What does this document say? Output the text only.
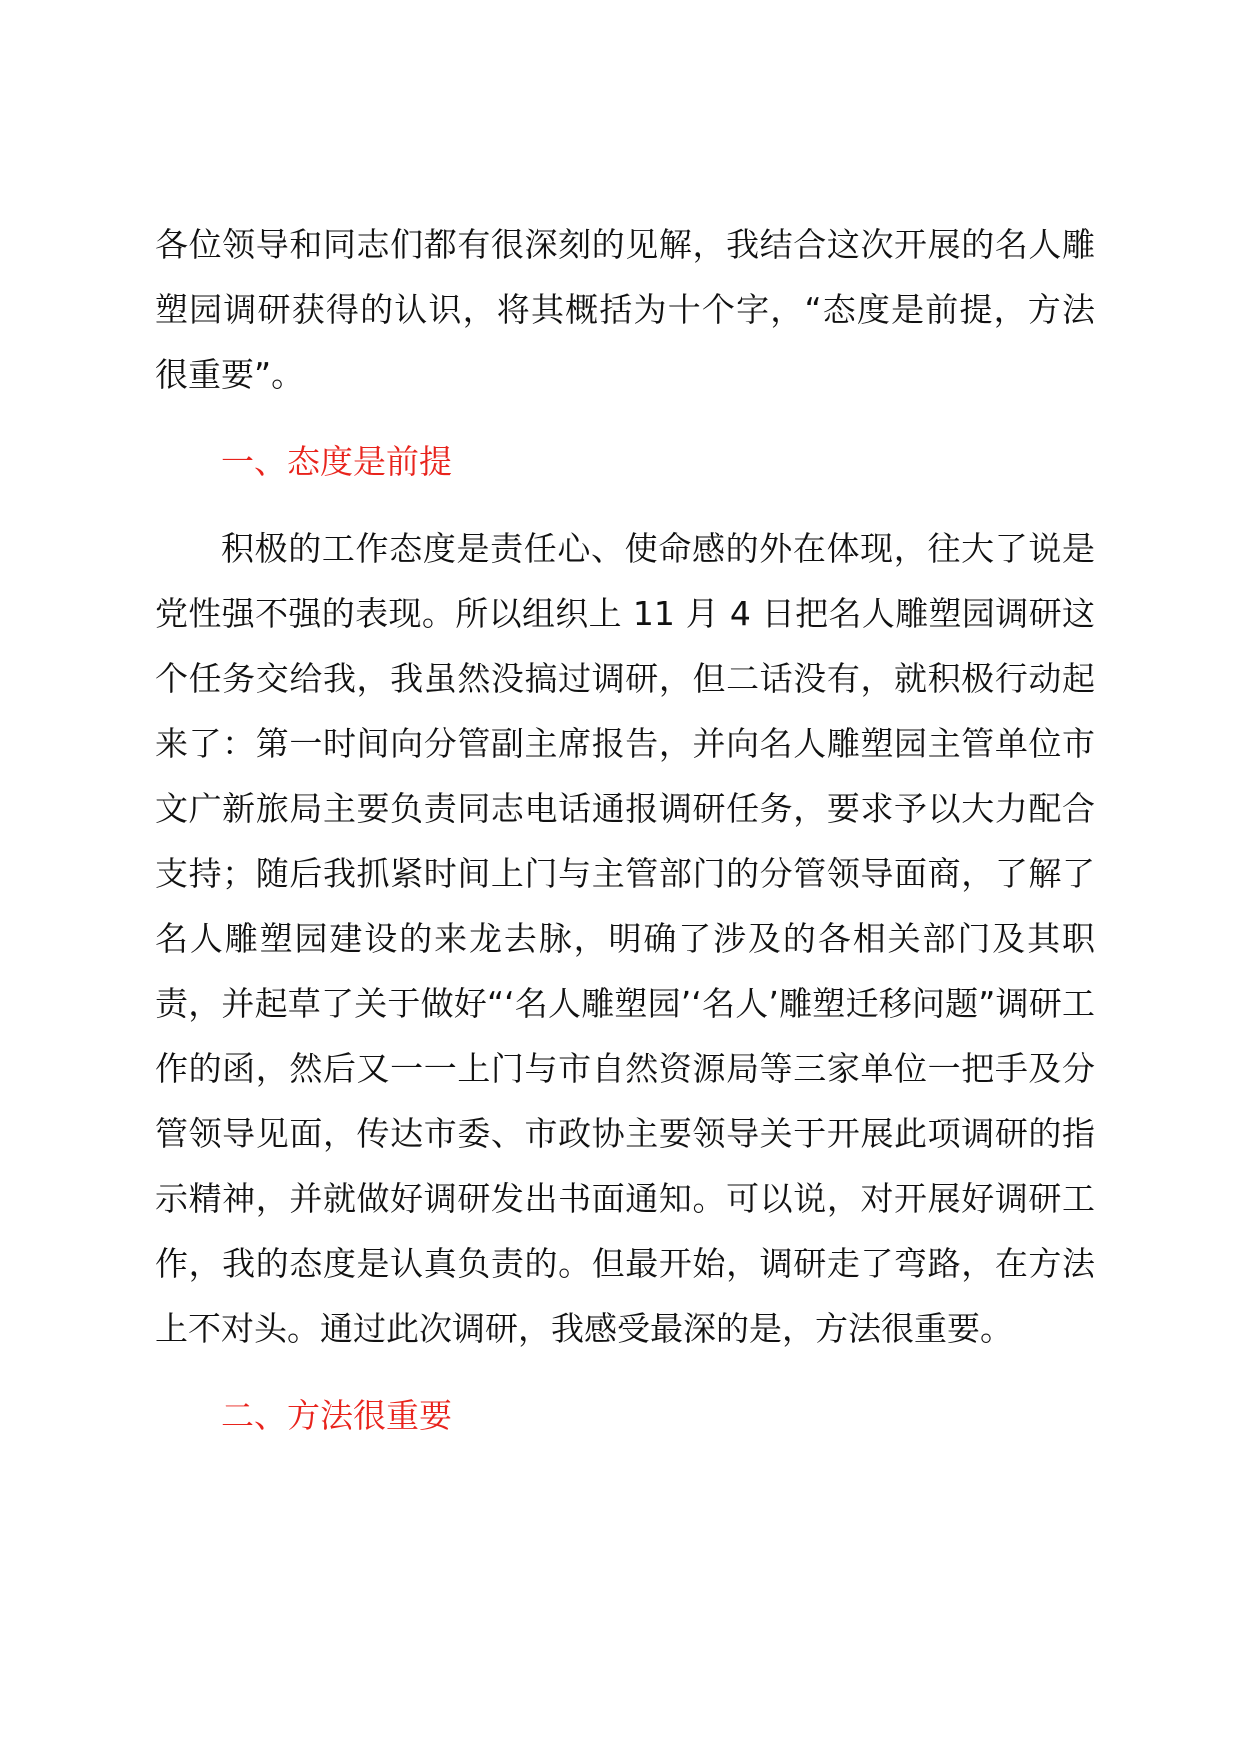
各位领导和同志们都有很深刻的见解，我结合这次开展的名人雕塑园调研获得的认识，将其概括为十个字，“态度是前提，方法很重要”。

一、态度是前提

积极的工作态度是责任心、使命感的外在体现，往大了说是党性强不强的表现。所以组织上 11 月 4 日把名人雕塑园调研这个任务交给我，我虽然没搞过调研，但二话没有，就积极行动起来了：第一时间向分管副主席报告，并向名人雕塑园主管单位市文广新旅局主要负责同志电话通报调研任务，要求予以大力配合支持；随后我抓紧时间上门与主管部门的分管领导面商，了解了名人雕塑园建设的来龙去脉，明确了涉及的各相关部门及其职责，并起草了关于做好“‘名人雕塑园’‘名人’雕塑迁移问题”调研工作的函，然后又一一上门与市自然资源局等三家单位一把手及分管领导见面，传达市委、市政协主要领导关于开展此项调研的指示精神，并就做好调研发出书面通知。可以说，对开展好调研工作，我的态度是认真负责的。但最开始，调研走了弯路，在方法上不对头。通过此次调研，我感受最深的是，方法很重要。

二、方法很重要
